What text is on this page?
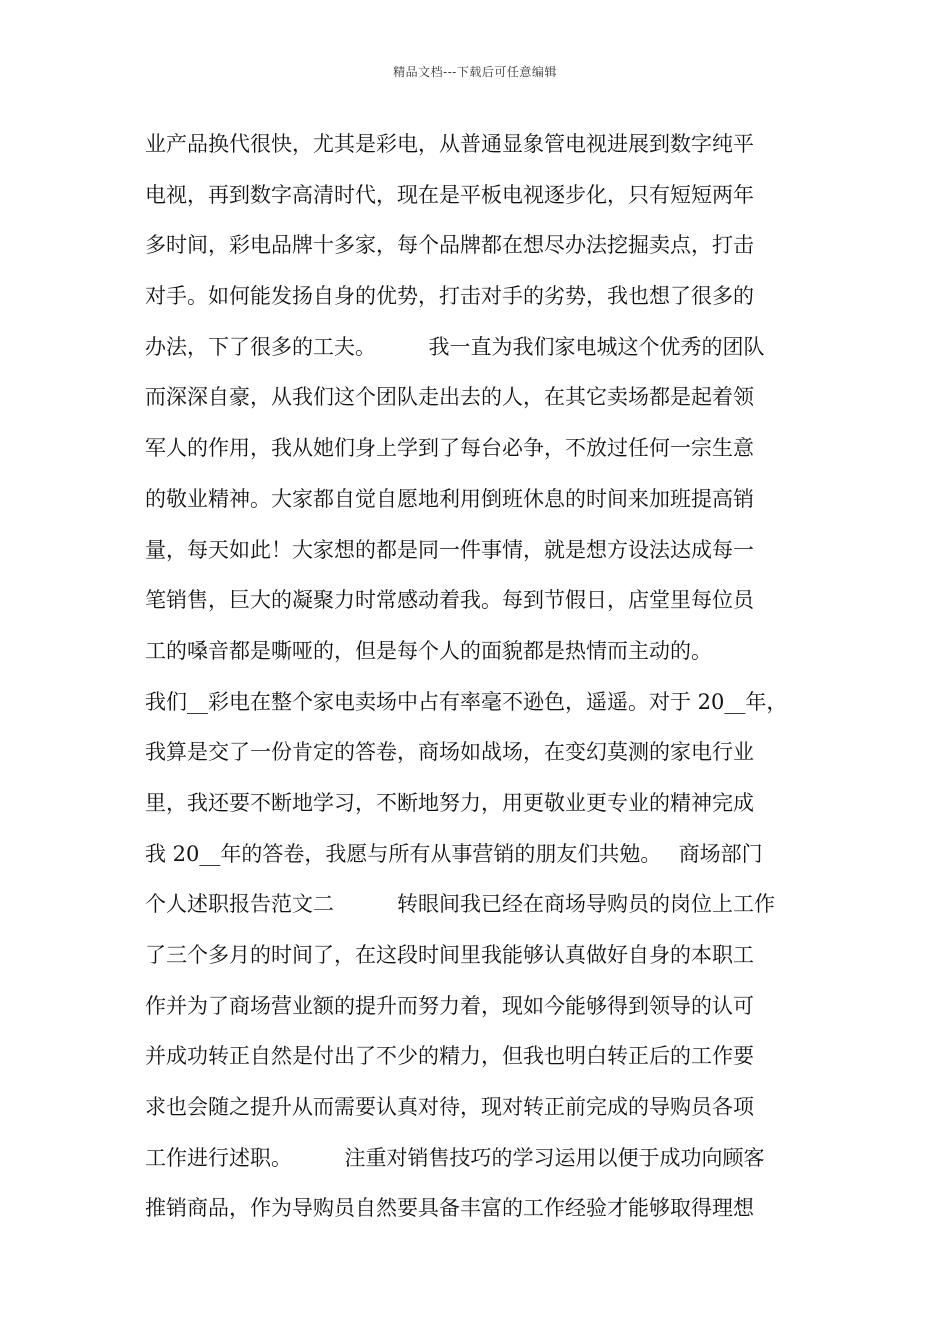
精品文档---下载后可任意编辑
业产品换代很快，尤其是彩电，从普通显象管电视进展到数字纯平
电视，再到数字高清时代，现在是平板电视逐步化，只有短短两年
多时间，彩电品牌十多家，每个品牌都在想尽办法挖掘卖点，打击
对手。如何能发扬自身的优势，打击对手的劣势，我也想了很多的
办法，下了很多的工夫。　　　我一直为我们家电城这个优秀的团队
而深深自豪，从我们这个团队走出去的人，在其它卖场都是起着领
军人的作用，我从她们身上学到了每台必争，不放过任何一宗生意
的敬业精神。大家都自觉自愿地利用倒班休息的时间来加班提高销
量，每天如此！大家想的都是同一件事情，就是想方设法达成每一
笔销售，巨大的凝聚力时常感动着我。每到节假日，店堂里每位员
工的嗓音都是嘶哑的，但是每个人的面貌都是热情而主动的。
我们__彩电在整个家电卖场中占有率毫不逊色，遥遥。对于 20__年，
我算是交了一份肯定的答卷，商场如战场，在变幻莫测的家电行业
里，我还要不断地学习，不断地努力，用更敬业更专业的精神完成
我 20__年的答卷，我愿与所有从事营销的朋友们共勉。　 商场部门
个人述职报告范文二　　　转眼间我已经在商场导购员的岗位上工作
了三个多月的时间了，在这段时间里我能够认真做好自身的本职工
作并为了商场营业额的提升而努力着，现如今能够得到领导的认可
并成功转正自然是付出了不少的精力，但我也明白转正后的工作要
求也会随之提升从而需要认真对待，现对转正前完成的导购员各项
工作进行述职。　　　注重对销售技巧的学习运用以便于成功向顾客
推销商品，作为导购员自然要具备丰富的工作经验才能够取得理想
